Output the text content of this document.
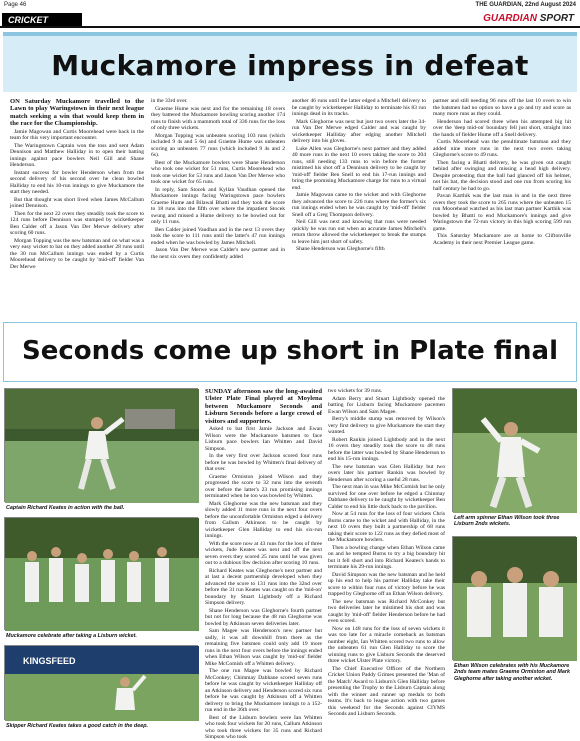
Page 46	THE GUARDIAN, 22nd August 2024
CRICKET	GUARDIAN SPORT
Muckamore impress in defeat

ON Saturday Muckamore travelled to the Lawn to play Waringstown in their next league match seeking a win that would keep them in the race for the Championship.

Jamie Magowan and Curtis Moorehead were back in the team for this very important encounter.

The Waringstown Captain won the toss and sent Adam Dennison and Matthew Halliday in to open their batting innings against pace bowlers Neil Gill and Shane Henderson.

Instant success for bowler Henderson when from the second delivery of his second over he clean bowled Halliday to end his 10-run innings to give Muckamore the start they needed.

But that thought was short lived when James McCallum joined Dennison.

Then for the next 22 overs they steadily took the score to 124 runs before Dennison was stumped by wicketkeeper Ben Calder off a Jason Van Der Merwe delivery after scoring 60 runs.

Morgan Topping was the new batsman and on what was a very easy wicket to bat on they added another 28 runs until the 30 run McCallum innings was ended by a Curtis Moorehead delivery to be caught by 'mid-off' fielder Van Der Merwe

in the 33rd over.

Graeme Hume was next and for the remaining 18 overs they battered the Muckamore bowling scoring another 174 runs to finish with a mammoth total of 336 runs for the loss of only three wickets.

Morgan Topping was unbeaten scoring 103 runs (which included 9 4s and 5 6s) and Graeme Hume was unbeaten scoring an unbeaten 77 runs (which included 9 4s and 2 6s).

Best of the Muckamore bowlers were Shane Henderson who took one wicket for 51 runs, Curtis Moorehead who took one wicket for 53 runs and Jason Van Der Merwe who took one wicket for 65 runs.

In reply, Sam Stocek and Kyllan Vaudhan opened the Muckamore innings facing Waringstown pace bowlers Graeme Hume and Bilawal Bhatti and they took the score to 18 runs into the fifth over where the impatient Stocek swung and missed a Hume delivery to be bowled out for only 11 runs.

Ben Calder joined Vaudhan and in the next 13 overs they took the score to 111 runs until the latter's 47 run innings ended when he was bowled by James Mitchell.

Jason Van Der Merwe was Calder's new partner and in the next six overs they confidently added

another 46 runs until the latter edged a Mitchell delivery to be caught by wicketkeeper Halliday to terminate his 83 run innings dead in its tracks.

Mark Gleghorne was next but just two overs later the 34-run Van Der Merwe edged Calder and was caught by wicketkeeper Halliday after edging another Mitchell delivery into his gloves.

Luke Allen was Gleghorne's next partner and they added 40 more runs in the next 10 overs taking the score to 204 runs, still needing 133 runs to win before the former mistimed his shot off a Dennison delivery to be caught by 'mid-off' fielder Ben Snell to end his 17-run innings and bring the promising Muckamore charge for runs to a virtual end.

Jamie Magowan came to the wicket and with Gleghorne they advanced the score to 226 runs where the former's six run innings ended when he was caught by 'mid-off' fielder Snell off a Greg Thompson delivery.

Neil Gill was next and knowing that runs were needed quickly he was run out when an accurate James Mitchell's return throw allowed the wicketkeeper to break the stumps to leave him just short of safety.

Shane Henderson was Gleghorne's fifth

partner and still needing 96 runs off the last 10 overs to win the batsmen had no option so have a go and try and score as many more runs as they could.

Henderson had scored three when his attempted big hit over the 'deep mid-on' boundary fell just short, straight into the hands of fielder Hume off a Snell delivery.

Curtis Moorehead was the penultimate batsman and they added nine more runs in the next two overs taking Gleghorne's score to 49 runs.

Then facing a Bhatti delivery, he was given out caught behind after swinging and missing a head high delivery. Despite protesting that the ball had glanced off his helmet, not his bat, the decision stood and one run from scoring his half century he had to go.

Pavan Karthik was the last man in and in the next three overs they took the score to 265 runs where the unbeaten 15 run Moorehead watched as his last man partner Karthik was bowled by Bhatti to end Muckamore's innings and give Waringstown the 72-run victory in this high scoring 599 run game.

This Saturday Muckamore are at home to Cliftonville Academy in their next Premier League game.

Seconds come up short in Plate final
Captain Richard Keates in action with the ball.
Muckamore celebrate after taking a Lisburn wicket.
KINGSFEED
Skipper Richard Keates takes a good catch in the deep.

SUNDAY afternoon saw the long-awaited Ulster Plate Final played at Moylena between Muckamore Seconds and Lisburn Seconds before a large crowd of visitors and supporters.

Asked to bat first Jamie Jackson and Ewan Wilson were the Muckamore batsmen to face Lisburn pace bowlers Ian Whitten and David Simpson.

In the very first over Jackson scored four runs before he was bowled by Whitten's final delivery of that over.

Graeme Ormiston joined Wilson and they progressed the score to 32 runs into the seventh over before the latter's 23 run promising innings terminated when he too was bowled by Whitten.

Mark Gleghorne was the new batsman and they slowly added 11 more runs in the next four overs before the unconfortable Ormiston edged a delivery from Callum Atkinson to be caught by wicketkeeper Glen Halliday to end his six-run innings.

With the score now at 43 runs for the loss of three wickets, Jude Keates was next and off the next seven overs they scored 25 runs until he was given out to a dubious lbw decision after scoring 10 runs.

Richard Keates was Gleghorne's next partner and at last a decent partnership developed when they advanced the score to 131 runs into the 32nd over before the 31 run Keates was caught on the 'mid-on' boundary by Stuart Lightbody off a Richard Simpson delivery.

Shane Henderson was Gleghorne's fourth partner but not for long because the 48 run Gleghorne was bowled by Atkinson seven deliveries later.

Sam Magee was Henderson's new partner but sadly, it was all downhill from there as the remaining five batsmen could only add 19 more runs in the next four overs before the innings ended when Ethan Wilson was caught by 'mid-on' fielder Mike McComish off a Whitten delivery.

The one run Magee was bowled by Richard McConkey; Chimmay Dabhane scored seven runs before he was caught by wicketkeeper Halliday off an Atkinson delivery and Henderson scored six runs before he was caught by Atkinson off a Whitten delivery to bring the Muckamore innings to a 152-run end in the 36th over.

Best of the Lisburn bowlers were Ian Whitten who took four wickets for 20 runs, Callum Atkinson who took three wickets for 35 runs and Richard Simpson who took

two wickets for 39 runs.

Adam Berry and Stuart Lightbody opened the batting for Lisburn facing Muckamore pacemen Ewan Wilson and Sam Magee.

Berry's middle stump was removed by Wilson's very first delivery to give Muckamore the start they wanted.

Robert Rankin joined Lightbody and in the next 16 overs they steadily took the score to 48 runs before the latter was bowled by Shane Henderson to end his 15-run innings.

The new batsman was Glen Halliday but two overs later his partner Rankin was bowled by Henderson after scoring a useful 28 runs.

The next man in was Mike McComish but he only survived for one over before he edged a Chinmay Dabhane delivery to be caught by wicketkeeper Ben Calder to end his little duck back to the pavilion.

Now at 54 runs for the loss of four wickets Chris Burns came to the wicket and with Halliday, in the next 10 overs they built a partnership of 68 runs taking their score to 122 runs as they defied most of the Muckamore bowlers.

Then a bowling change when Ethan Wilson came on and he tempted Burns to try a big boundary hit but it fell short and into Richard Keates's hands to terminate his 29-run innings.

David Simpson was the new batsman and he held up his end to help his partner Halliday take their score to within four runs of victory before he was trapped by Gleghorne off an Ethan Wilson delivery.

The new batsman was Richard McConkey but two deliveries later he mistimed his shot and was caught by 'mid-off' fielder Henderson before he had even scored.

Now on 148 runs for the loss of seven wickets it was too late for a miracle comeback as batsman number eight, Ian Whitten scored two runs to allow the unbeaten 61 run Glen Halliday to score the winning runs to give Lisburn Seconds the deserved three wicket Ulster Plate victory.

The Chief Executive Officer of the Northern Cricket Union Paddy Grimes presented the 'Man of the Match' Award to Lisburn's Glen Halliday before presenting the Trophy to the Lisburn Captain along with the winner and runner up medals to both teams. It's back to league action with two games this weekend for the Seconds against CIYMS Seconds and Lisburn Seconds.

Left arm spinner Ethan Wilson took three Lisburn 2nds wickets.
Ethan Wilson celebrates with his Muckamore 2nds team mates Graeme Ormiston and Mark Gleghorne after taking another wicket.
